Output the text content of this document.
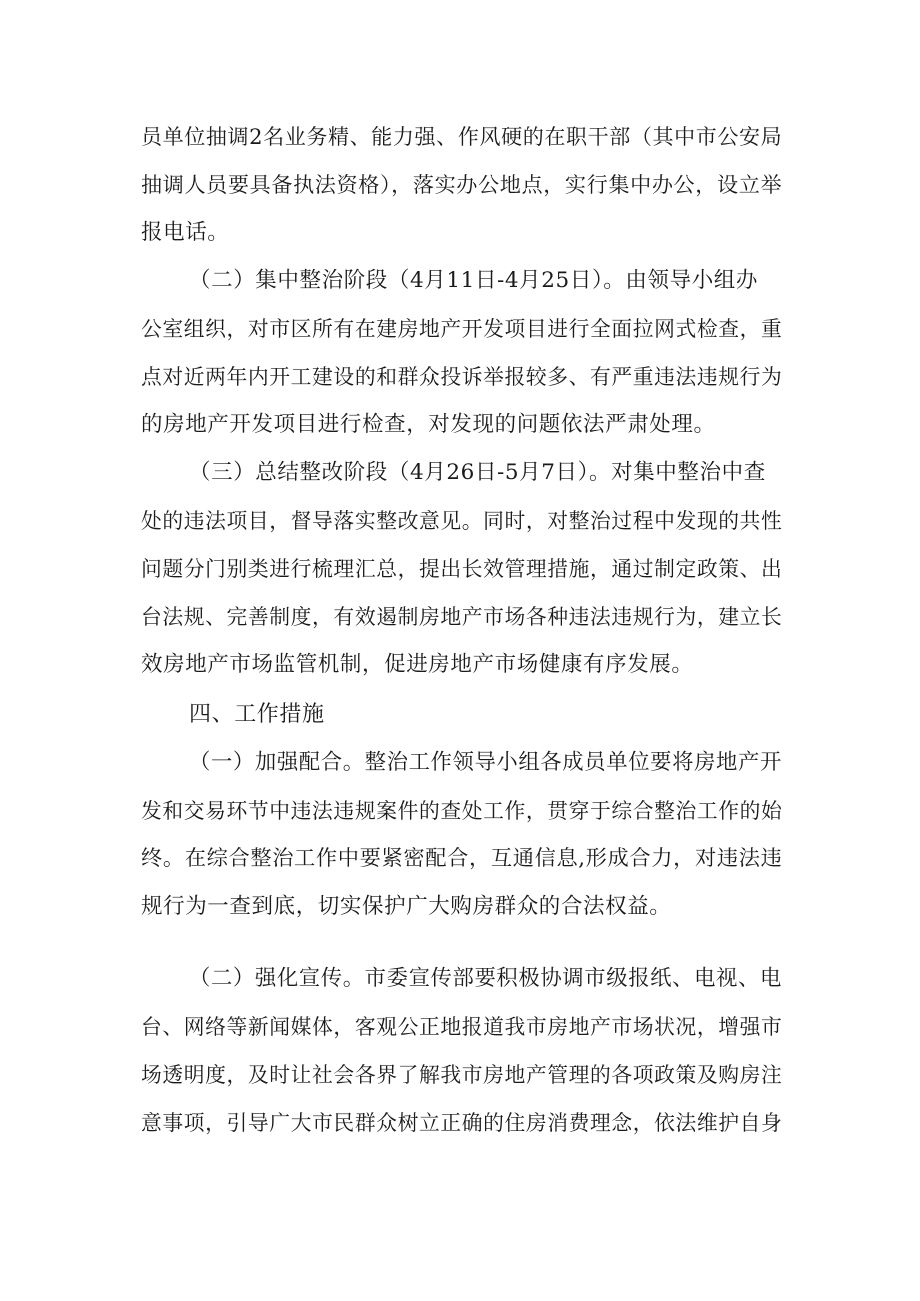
员单位抽调2名业务精、能力强、作风硬的在职干部（其中市公安局
抽调人员要具备执法资格），落实办公地点，实行集中办公，设立举
报电话。
（二）集中整治阶段（4月11日-4月25日）。由领导小组办
公室组织，对市区所有在建房地产开发项目进行全面拉网式检查，重
点对近两年内开工建设的和群众投诉举报较多、有严重违法违规行为
的房地产开发项目进行检查，对发现的问题依法严肃处理。
（三）总结整改阶段（4月26日-5月7日）。对集中整治中查
处的违法项目，督导落实整改意见。同时，对整治过程中发现的共性
问题分门别类进行梳理汇总，提出长效管理措施，通过制定政策、出
台法规、完善制度，有效遏制房地产市场各种违法违规行为，建立长
效房地产市场监管机制，促进房地产市场健康有序发展。
四、工作措施
（一）加强配合。整治工作领导小组各成员单位要将房地产开
发和交易环节中违法违规案件的查处工作，贯穿于综合整治工作的始
终。在综合整治工作中要紧密配合，互通信息,形成合力，对违法违
规行为一查到底，切实保护广大购房群众的合法权益。
（二）强化宣传。市委宣传部要积极协调市级报纸、电视、电
台、网络等新闻媒体，客观公正地报道我市房地产市场状况，增强市
场透明度，及时让社会各界了解我市房地产管理的各项政策及购房注
意事项，引导广大市民群众树立正确的住房消费理念，依法维护自身
